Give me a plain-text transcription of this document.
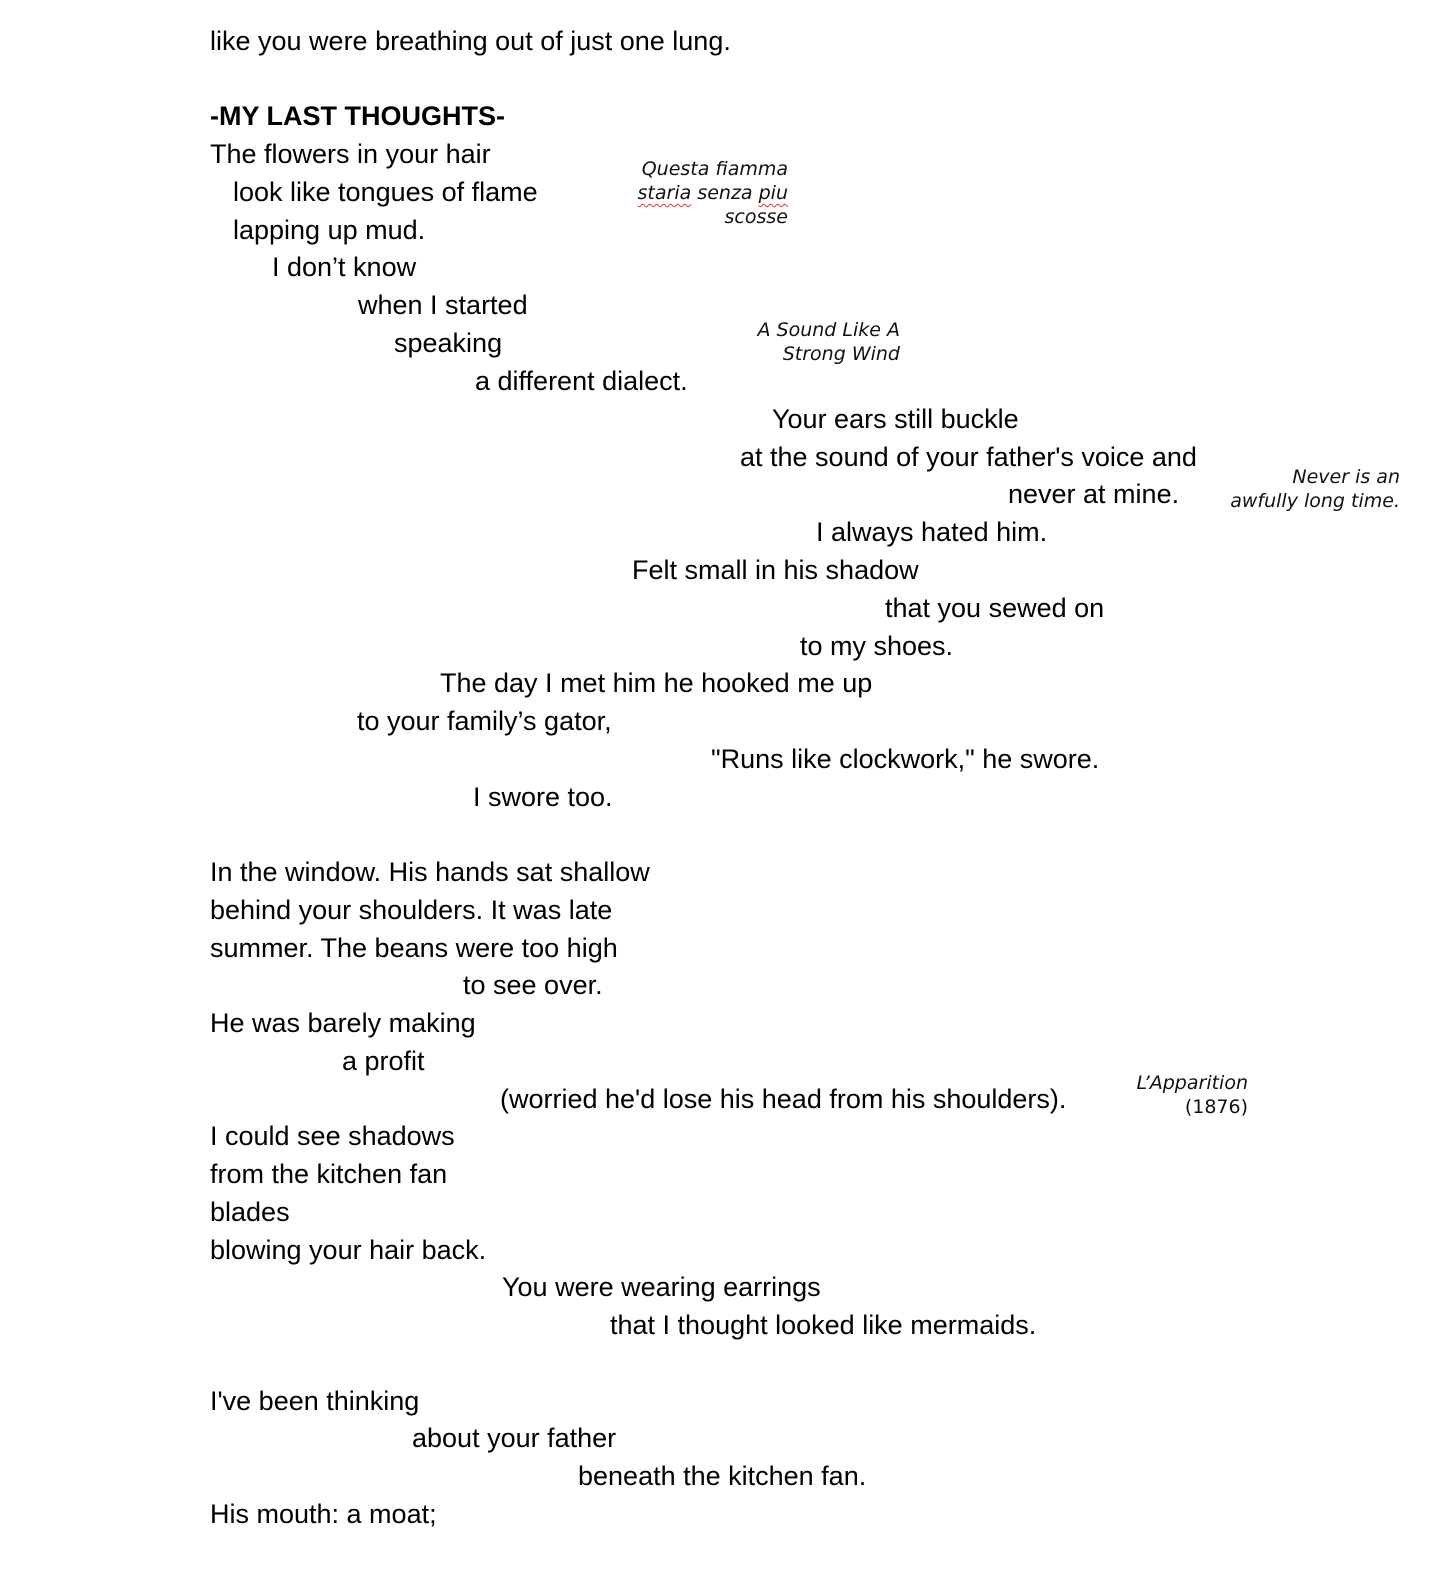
like you were breathing out of just one lung.

-MY LAST THOUGHTS-

The flowers in your hair

look like tongues of flame

lapping up mud.

I don’t know

when I started

speaking

a different dialect.

Your ears still buckle

at the sound of your father's voice and

never at mine.

I always hated him.

Felt small in his shadow

that you sewed on

to my shoes.

The day I met him he hooked me up

to your family’s gator,

"Runs like clockwork," he swore.

I swore too.

In the window. His hands sat shallow

behind your shoulders. It was late

summer. The beans were too high

to see over.

He was barely making

a profit

(worried he'd lose his head from his shoulders).

I could see shadows

from the kitchen fan

blades

blowing your hair back.

You were wearing earrings

that I thought looked like mermaids.

I've been thinking

about your father

beneath the kitchen fan.

His mouth: a moat;

Questa fiamma
staria senza piu
scosse
A Sound Like A
Strong Wind
Never is an
awfully long time.
L’Apparition
(1876)
